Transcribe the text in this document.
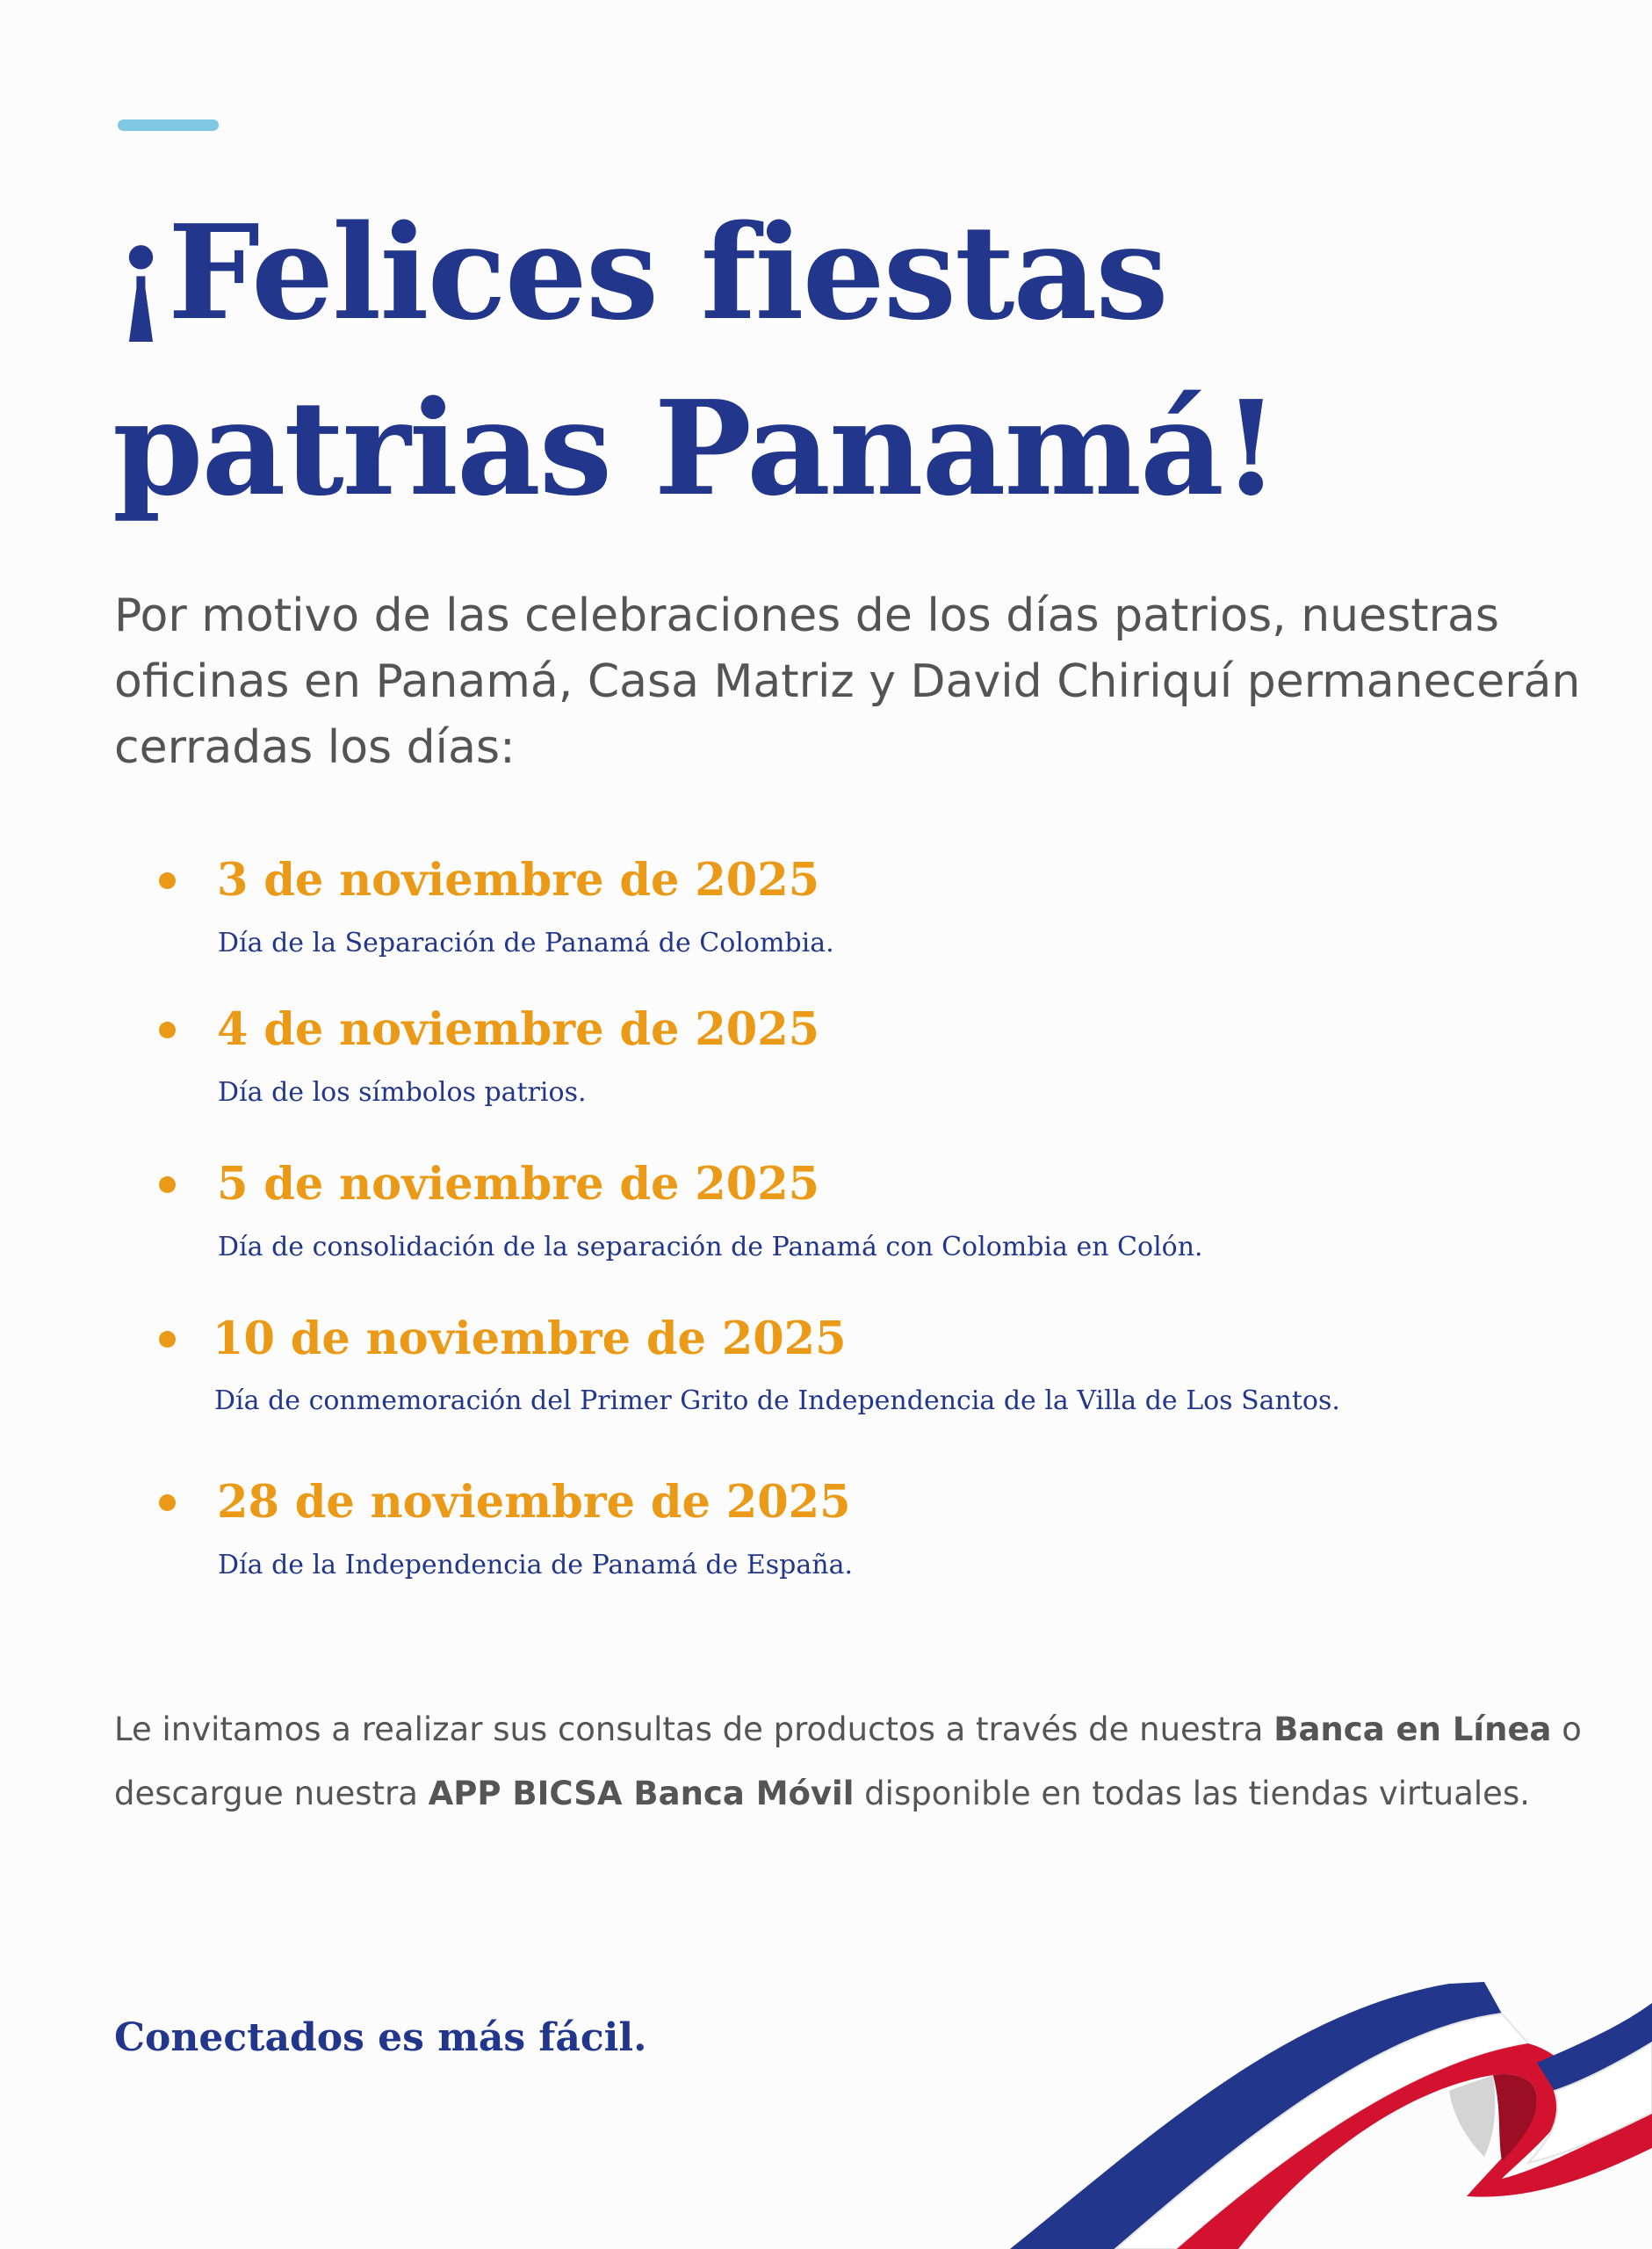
¡Felices fiestas
patrias Panamá!

Por motivo de las celebraciones de los días patrios, nuestras oficinas en Panamá, Casa Matriz y David Chiriquí permanecerán cerradas los días:

3 de noviembre de 2025
Día de la Separación de Panamá de Colombia.
4 de noviembre de 2025
Día de los símbolos patrios.
5 de noviembre de 2025
Día de consolidación de la separación de Panamá con Colombia en Colón.
10 de noviembre de 2025
Día de conmemoración del Primer Grito de Independencia de la Villa de Los Santos.
28 de noviembre de 2025
Día de la Independencia de Panamá de España.

Le invitamos a realizar sus consultas de productos a través de nuestra Banca en Línea o descargue nuestra APP BICSA Banca Móvil disponible en todas las tiendas virtuales.

Conectados es más fácil.
